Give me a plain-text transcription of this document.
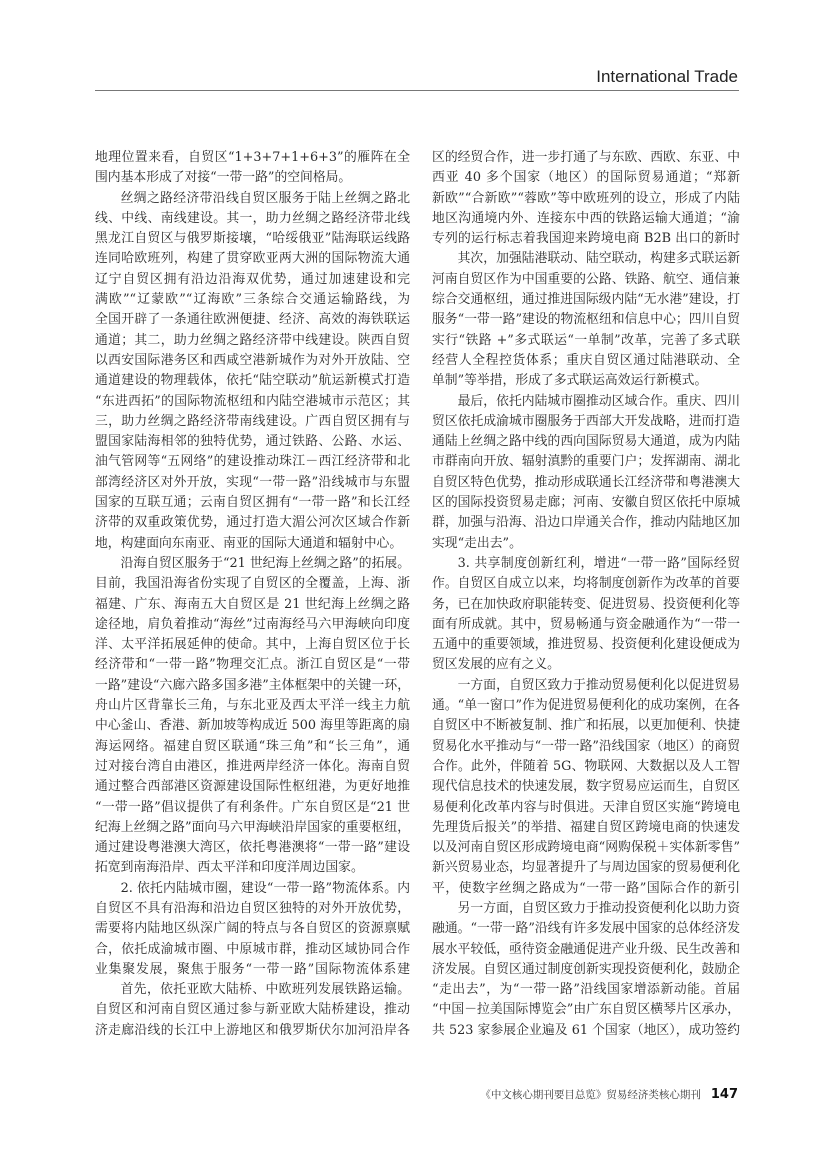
International Trade
地理位置来看，自贸区“1+3+7+1+6+3”的雁阵在全
围内基本形成了对接“一带一路”的空间格局。
丝绸之路经济带沿线自贸区服务于陆上丝绸之路北
线、中线、南线建设。其一，助力丝绸之路经济带北线
黑龙江自贸区与俄罗斯接壤，“哈绥俄亚”陆海联运线路
连同哈欧班列，构建了贯穿欧亚两大洲的国际物流大通
辽宁自贸区拥有沿边沿海双优势，通过加速建设和完
满欧”“辽蒙欧”“辽海欧”三条综合交通运输路线，为
全国开辟了一条通往欧洲便捷、经济、高效的海铁联运
通道；其二，助力丝绸之路经济带中线建设。陕西自贸
以西安国际港务区和西咸空港新城作为对外开放陆、空
通道建设的物理载体，依托“陆空联动”航运新模式打造
“东进西拓”的国际物流枢纽和内陆空港城市示范区；其
三，助力丝绸之路经济带南线建设。广西自贸区拥有与
盟国家陆海相邻的独特优势，通过铁路、公路、水运、
油气管网等“五网络”的建设推动珠江－西江经济带和北
部湾经济区对外开放，实现“一带一路”沿线城市与东盟
国家的互联互通；云南自贸区拥有“一带一路”和长江经
济带的双重政策优势，通过打造大湄公河次区域合作新
地，构建面向东南亚、南亚的国际大通道和辐射中心。
沿海自贸区服务于“21 世纪海上丝绸之路”的拓展。
目前，我国沿海省份实现了自贸区的全覆盖，上海、浙
福建、广东、海南五大自贸区是 21 世纪海上丝绸之路
途径地，肩负着推动“海丝”过南海经马六甲海峡向印度
洋、太平洋拓展延伸的使命。其中，上海自贸区位于长
经济带和“一带一路”物理交汇点。浙江自贸区是“一带
一路”建设“六廊六路多国多港”主体框架中的关键一环，
舟山片区背靠长三角，与东北亚及西太平洋一线主力航
中心釜山、香港、新加坡等构成近 500 海里等距离的扇
海运网络。福建自贸区联通“珠三角”和“长三角”，通
过对接台湾自由港区，推进两岸经济一体化。海南自贸
通过整合西部港区资源建设国际性枢纽港，为更好地推
“一带一路”倡议提供了有利条件。广东自贸区是“21 世
纪海上丝绸之路”面向马六甲海峡沿岸国家的重要枢纽，
通过建设粤港澳大湾区，依托粤港澳将“一带一路”建设
拓宽到南海沿岸、西太平洋和印度洋周边国家。
2. 依托内陆城市圈，建设“一带一路”物流体系。内
自贸区不具有沿海和沿边自贸区独特的对外开放优势，
需要将内陆地区纵深广阔的特点与各自贸区的资源禀赋
合，依托成渝城市圈、中原城市群，推动区域协同合作
业集聚发展，聚焦于服务“一带一路”国际物流体系建
首先，依托亚欧大陆桥、中欧班列发展铁路运输。
自贸区和河南自贸区通过参与新亚欧大陆桥建设，推动
济走廊沿线的长江中上游地区和俄罗斯伏尔加河沿岸各
区的经贸合作，进一步打通了与东欧、西欧、东亚、中
西亚 40 多个国家（地区）的国际贸易通道；“郑新
新欧”“合新欧”“蓉欧”等中欧班列的设立，形成了内陆
地区沟通境内外、连接东中西的铁路运输大通道；“渝
专列的运行标志着我国迎来跨境电商 B2B 出口的新时
其次，加强陆港联动、陆空联动，构建多式联运新
河南自贸区作为中国重要的公路、铁路、航空、通信兼
综合交通枢纽，通过推进国际级内陆“无水港”建设，打
服务“一带一路”建设的物流枢纽和信息中心；四川自贸
实行“铁路 +”多式联运“一单制”改革，完善了多式联
经营人全程控货体系；重庆自贸区通过陆港联动、全
单制”等举措，形成了多式联运高效运行新模式。
最后，依托内陆城市圈推动区域合作。重庆、四川
贸区依托成渝城市圈服务于西部大开发战略，进而打造
通陆上丝绸之路中线的西向国际贸易大通道，成为内陆
市群南向开放、辐射滇黔的重要门户；发挥湖南、湖北
自贸区特色优势，推动形成联通长江经济带和粤港澳大
区的国际投资贸易走廊；河南、安徽自贸区依托中原城
群，加强与沿海、沿边口岸通关合作，推动内陆地区加
实现“走出去”。
3. 共享制度创新红利，增进“一带一路”国际经贸
作。自贸区自成立以来，均将制度创新作为改革的首要
务，已在加快政府职能转变、促进贸易、投资便利化等
面有所成就。其中，贸易畅通与资金融通作为“一带一
五通中的重要领域，推进贸易、投资便利化建设便成为
贸区发展的应有之义。
一方面，自贸区致力于推动贸易便利化以促进贸易
通。“单一窗口”作为促进贸易便利化的成功案例，在各
自贸区中不断被复制、推广和拓展，以更加便利、快捷
贸易化水平推动与“一带一路”沿线国家（地区）的商贸
合作。此外，伴随着 5G、物联网、大数据以及人工智
现代信息技术的快速发展，数字贸易应运而生，自贸区
易便利化改革内容与时俱进。天津自贸区实施“跨境电
先理货后报关”的举措、福建自贸区跨境电商的快速发
以及河南自贸区形成跨境电商“网购保税＋实体新零售”
新兴贸易业态，均显著提升了与周边国家的贸易便利化
平，使数字丝绸之路成为“一带一路”国际合作的新引
另一方面，自贸区致力于推动投资便利化以助力资
融通。“一带一路”沿线有许多发展中国家的总体经济发
展水平较低，亟待资金融通促进产业升级、民生改善和
济发展。自贸区通过制度创新实现投资便利化，鼓励企
“走出去”，为“一带一路”沿线国家增添新动能。首届
“中国－拉美国际博览会”由广东自贸区横琴片区承办，
共 523 家参展企业遍及 61 个国家（地区），成功签约
《中文核心期刊要目总览》贸易经济类核心期刊 147
